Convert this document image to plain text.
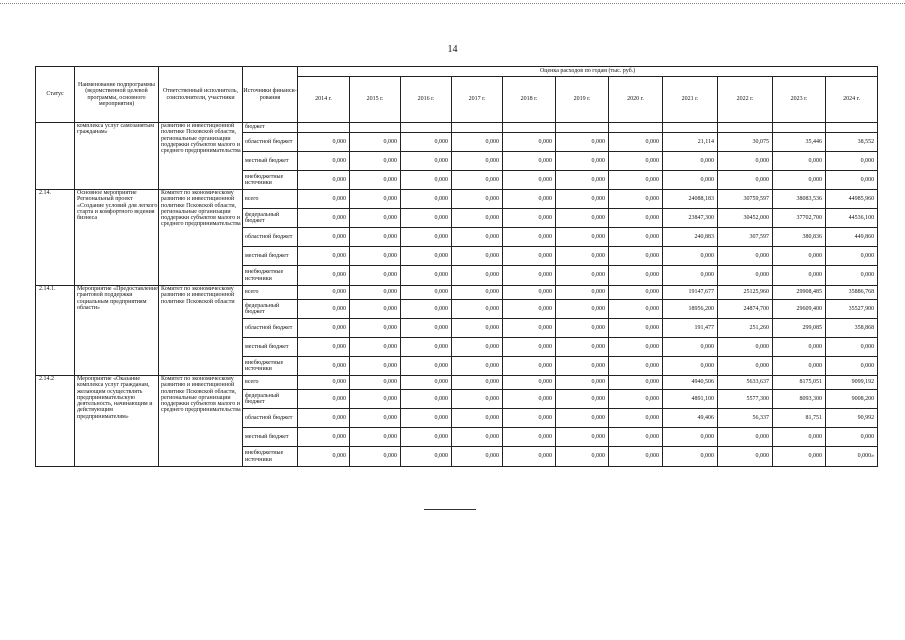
14
Статус	Наименование подпрограммы (ведомственной целевой программы, основного мероприятия)	Ответственный исполнитель, соисполнители, участники	Источники финанси-рования	Оценка расходов по годам (тыс. руб.)										
				2014 г.	2015 г.	2016 г.	2017 г.	2018 г.	2019 г.	2020 г.	2021 г.	2022 г.	2023 г.	2024 г.
	комплекса услуг самозанятым гражданам»	развитию и инвестиционной политике Псковской области, региональные организации поддержки субъектов малого и среднего предпринимательства	бюджет											
			областной бюджет	0,000	0,000	0,000	0,000	0,000	0,000	0,000	21,114	30,075	35,446	38,552
			местный бюджет	0,000	0,000	0,000	0,000	0,000	0,000	0,000	0,000	0,000	0,000	0,000
			внебюджетные источники	0,000	0,000	0,000	0,000	0,000	0,000	0,000	0,000	0,000	0,000	0,000
2.14.	Основное мероприятие Региональный проект «Создание условий для легкого старта и комфортного ведения бизнеса	Комитет по экономическому развитию и инвестиционной политике Псковской области, региональные организации поддержки субъектов малого и среднего предпринимательства	всего	0,000	0,000	0,000	0,000	0,000	0,000	0,000	24088,183	30759,597	38083,536	44985,960
			федеральный бюджет	0,000	0,000	0,000	0,000	0,000	0,000	0,000	23847,300	30452,000	37702,700	44536,100
			областной бюджет	0,000	0,000	0,000	0,000	0,000	0,000	0,000	240,883	307,597	380,836	449,860
			местный бюджет	0,000	0,000	0,000	0,000	0,000	0,000	0,000	0,000	0,000	0,000	0,000
			внебюджетные источники	0,000	0,000	0,000	0,000	0,000	0,000	0,000	0,000	0,000	0,000	0,000
2.14.1.	Мероприятие «Предоставление грантовой поддержки социальным предприятиям области»	Комитет по экономическому развитию и инвестиционной политике Псковской области	всего	0,000	0,000	0,000	0,000	0,000	0,000	0,000	19147,677	25125,960	29908,485	35886,768
			федеральный бюджет	0,000	0,000	0,000	0,000	0,000	0,000	0,000	18956,200	24874,700	29609,400	35527,900
			областной бюджет	0,000	0,000	0,000	0,000	0,000	0,000	0,000	191,477	251,260	299,085	358,868
			местный бюджет	0,000	0,000	0,000	0,000	0,000	0,000	0,000	0,000	0,000	0,000	0,000
			внебюджетные источники	0,000	0,000	0,000	0,000	0,000	0,000	0,000	0,000	0,000	0,000	0,000
2.14.2	Мероприятие «Оказание комплекса услуг гражданам, желающим осуществлять предпринимательскую деятельность, начинающим и действующим предпринимателям»	Комитет по экономическому развитию и инвестиционной политике Псковской области, региональные организации поддержки субъектов малого и среднего предпринимательства	всего	0,000	0,000	0,000	0,000	0,000	0,000	0,000	4940,506	5633,637	8175,051	9099,192
			федеральный бюджет	0,000	0,000	0,000	0,000	0,000	0,000	0,000	4891,100	5577,300	8093,300	9008,200
			областной бюджет	0,000	0,000	0,000	0,000	0,000	0,000	0,000	49,406	56,337	81,751	90,992
			местный бюджет	0,000	0,000	0,000	0,000	0,000	0,000	0,000	0,000	0,000	0,000	0,000
			внебюджетные источники	0,000	0,000	0,000	0,000	0,000	0,000	0,000	0,000	0,000	0,000	0,000»
